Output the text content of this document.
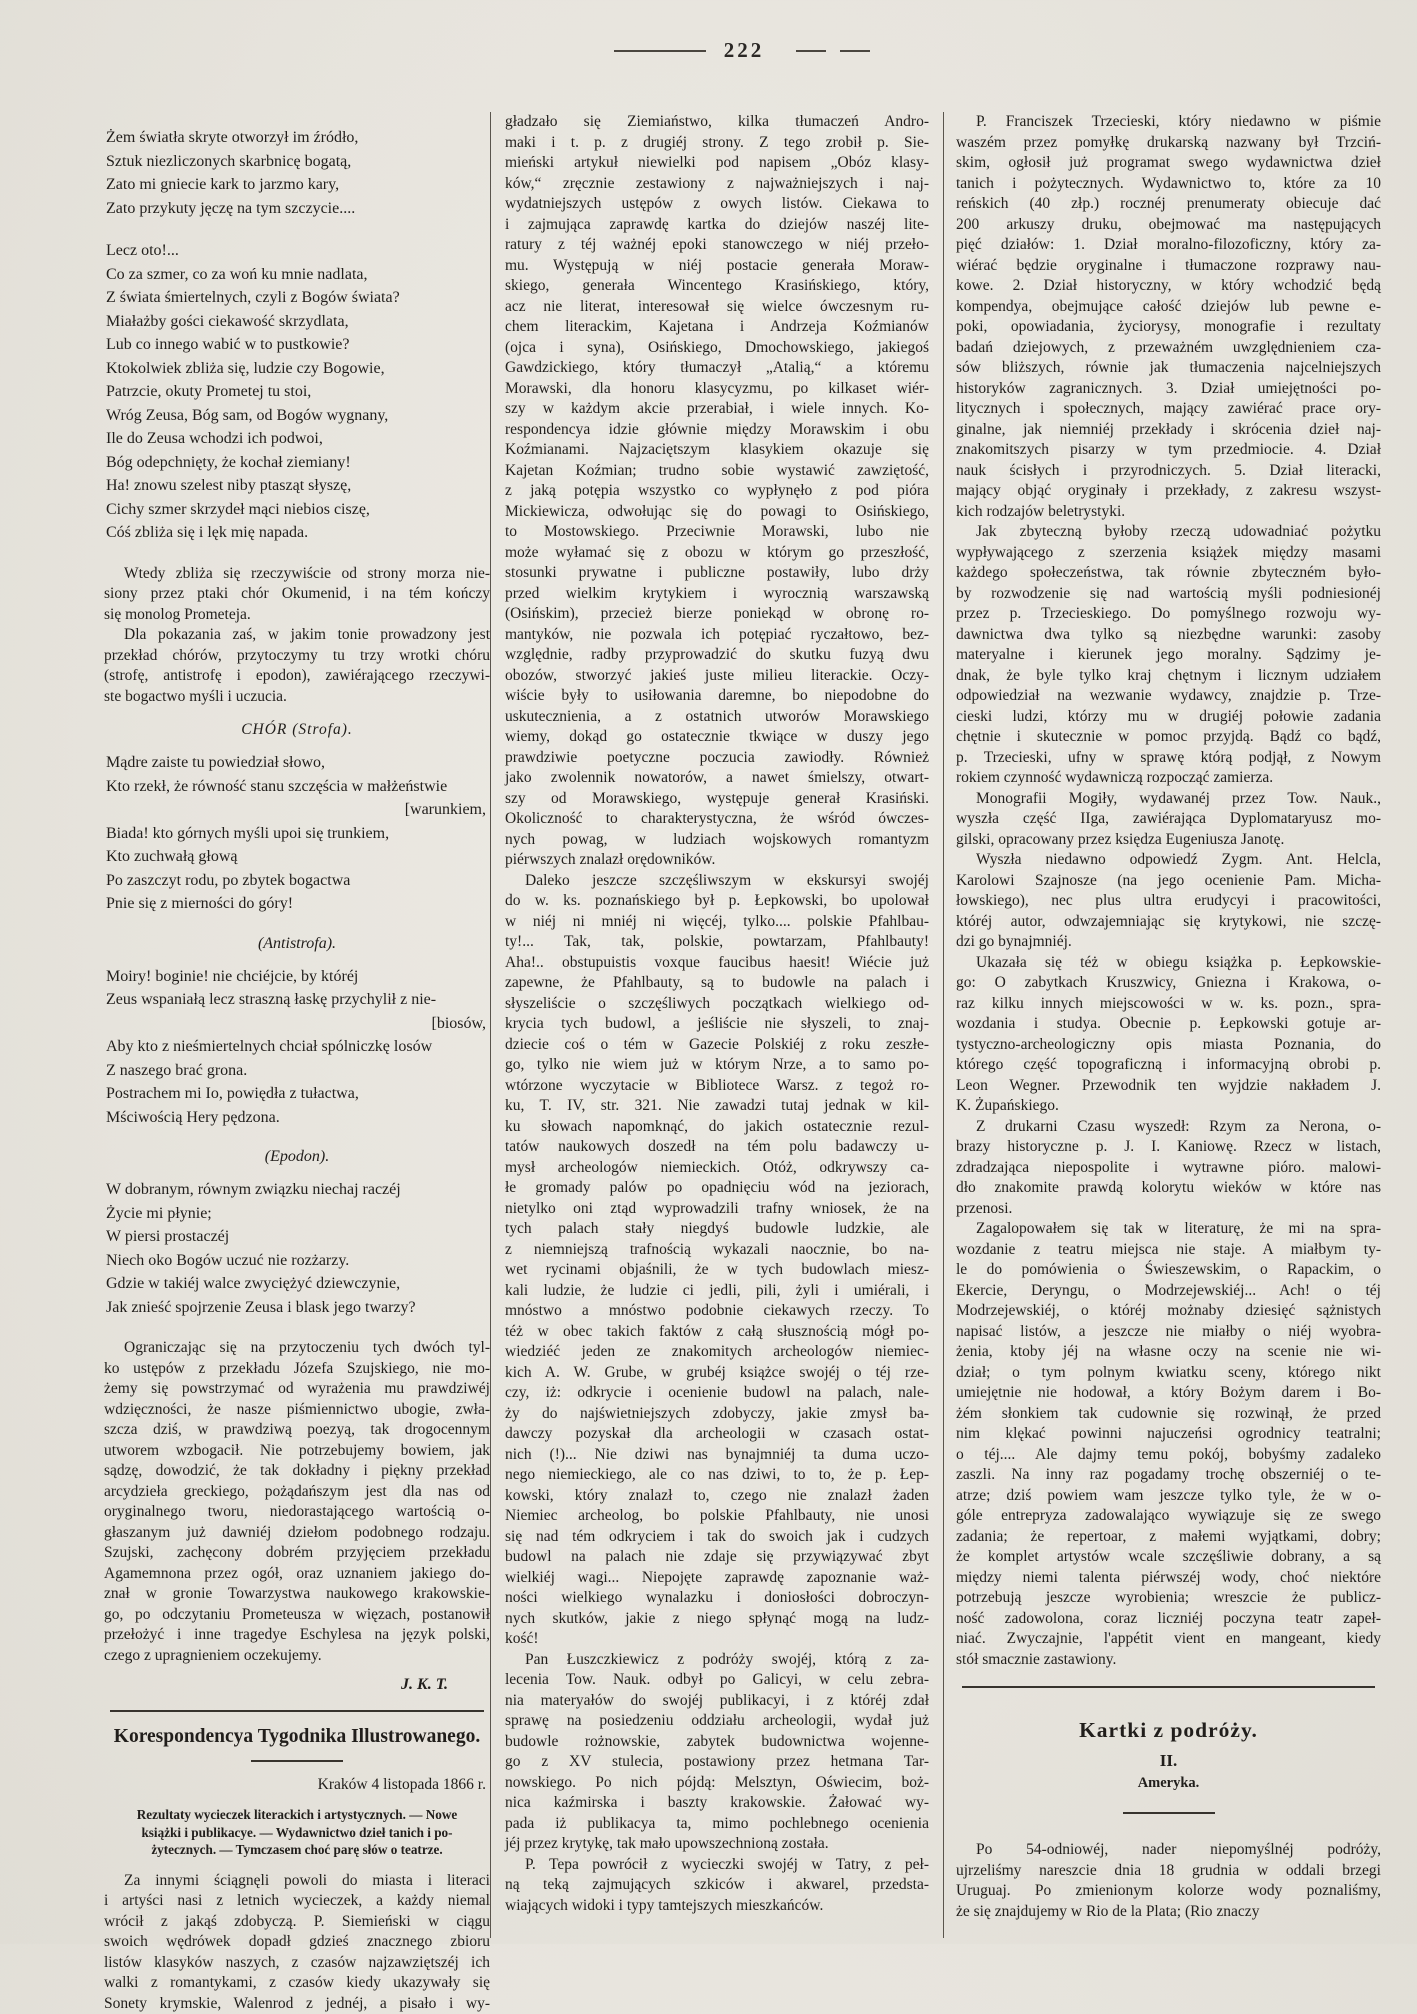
222
Żem światła skryte otworzył im źródło,
Sztuk niezliczonych skarbnicę bogatą,
Zato mi gniecie kark to jarzmo kary,
Zato przykuty jęczę na tym szczycie....
Lecz oto!...
Co za szmer, co za woń ku mnie nadlata,
Z świata śmiertelnych, czyli z Bogów świata?
Miałażby gości ciekawość skrzydlata,
Lub co innego wabić w to pustkowie?
Ktokolwiek zbliża się, ludzie czy Bogowie,
Patrzcie, okuty Prometej tu stoi,
Wróg Zeusa, Bóg sam, od Bogów wygnany,
Ile do Zeusa wchodzi ich podwoi,
Bóg odepchnięty, że kochał ziemiany!
Ha! znowu szelest niby ptasząt słyszę,
Cichy szmer skrzydeł mąci niebios ciszę,
Cóś zbliża się i lęk mię napada.
Wtedy zbliża się rzeczywiście od strony morza nie-
siony przez ptaki chór Okumenid, i na tém kończy
się monolog Prometeja.
Dla pokazania zaś, w jakim tonie prowadzony jest
przekład chórów, przytoczymy tu trzy wrotki chóru
(strofę, antistrofę i epodon), zawiérającego rzeczywi-
ste bogactwo myśli i uczucia.
CHÓR (Strofa).
Mądre zaiste tu powiedział słowo,
Kto rzekł, że równość stanu szczęścia w małżeństwie
[warunkiem,
Biada! kto górnych myśli upoi się trunkiem,
Kto zuchwałą głową
Po zaszczyt rodu, po zbytek bogactwa
Pnie się z mierności do góry!
(Antistrofa).
Moiry! boginie! nie chciéjcie, by któréj
Zeus wspaniałą lecz straszną łaskę przychylił z nie-
[biosów,
Aby kto z nieśmiertelnych chciał spólniczkę losów
Z naszego brać grona.
Postrachem mi Io, powiędła z tułactwa,
Mściwością Hery pędzona.
(Epodon).
W dobranym, równym związku niechaj raczéj
Życie mi płynie;
W piersi prostaczéj
Niech oko Bogów uczuć nie rozżarzy.
Gdzie w takiéj walce zwyciężyć dziewczynie,
Jak znieść spojrzenie Zeusa i blask jego twarzy?
Ograniczając się na przytoczeniu tych dwóch tyl-
ko ustępów z przekładu Józefa Szujskiego, nie mo-
żemy się powstrzymać od wyrażenia mu prawdziwéj
wdzięczności, że nasze piśmiennictwo ubogie, zwła-
szcza dziś, w prawdziwą poezyą, tak drogocennym
utworem wzbogacił. Nie potrzebujemy bowiem, jak
sądzę, dowodzić, że tak dokładny i piękny przekład
arcydzieła greckiego, pożądańszym jest dla nas od
oryginalnego tworu, niedorastającego wartością o-
głaszanym już dawniéj dziełom podobnego rodzaju.
Szujski, zachęcony dobrém przyjęciem przekładu
Agamemnona przez ogół, oraz uznaniem jakiego do-
znał w gronie Towarzystwa naukowego krakowskie-
go, po odczytaniu Prometeusza w więzach, postanowił
przełożyć i inne tragedye Eschylesa na język polski,
czego z upragnieniem oczekujemy.
J. K. T.
Korespondencya Tygodnika Illustrowanego.
Kraków 4 listopada 1866 r.
Rezultaty wycieczek literackich i artystycznych. — Nowe
książki i publikacye. — Wydawnictwo dzieł tanich i po-
żytecznych. — Tymczasem choć parę słów o teatrze.
Za innymi ściągnęli powoli do miasta i literaci
i artyści nasi z letnich wycieczek, a każdy niemal
wrócił z jakąś zdobyczą. P. Siemieński w ciągu
swoich wędrówek dopadł gdzieś znacznego zbioru
listów klasyków naszych, z czasów najzawziętszéj ich
walki z romantykami, z czasów kiedy ukazywały się
Sonety krymskie, Walenrod z jednéj, a pisało i wy-
gładzało się Ziemiaństwo, kilka tłumaczeń Andro-
maki i t. p. z drugiéj strony. Z tego zrobił p. Sie-
mieński artykuł niewielki pod napisem „Obóz klasy-
ków,“ zręcznie zestawiony z najważniejszych i naj-
wydatniejszych ustępów z owych listów. Ciekawa to
i zajmująca zaprawdę kartka do dziejów naszéj lite-
ratury z téj ważnéj epoki stanowczego w niéj przeło-
mu. Występują w niéj postacie generała Moraw-
skiego, generała Wincentego Krasińskiego, który,
acz nie literat, interesował się wielce ówczesnym ru-
chem literackim, Kajetana i Andrzeja Koźmianów
(ojca i syna), Osińskiego, Dmochowskiego, jakiegoś
Gawdzickiego, który tłumaczył „Atalią,“ a któremu
Morawski, dla honoru klasycyzmu, po kilkaset wiér-
szy w każdym akcie przerabiał, i wiele innych. Ko-
respondencya idzie głównie między Morawskim i obu
Koźmianami. Najzaciętszym klasykiem okazuje się
Kajetan Koźmian; trudno sobie wystawić zawziętość,
z jaką potępia wszystko co wypłynęło z pod pióra
Mickiewicza, odwołując się do powagi to Osińskiego,
to Mostowskiego. Przeciwnie Morawski, lubo nie
może wyłamać się z obozu w którym go przeszłość,
stosunki prywatne i publiczne postawiły, lubo drży
przed wielkim krytykiem i wyrocznią warszawską
(Osińskim), przecież bierze poniekąd w obronę ro-
mantyków, nie pozwala ich potępiać ryczałtowo, bez-
względnie, radby przyprowadzić do skutku fuzyą dwu
obozów, stworzyć jakieś juste milieu literackie. Oczy-
wiście były to usiłowania daremne, bo niepodobne do
uskutecznienia, a z ostatnich utworów Morawskiego
wiemy, dokąd go ostatecznie tkwiące w duszy jego
prawdziwie poetyczne poczucia zawiodły. Również
jako zwolennik nowatorów, a nawet śmielszy, otwart-
szy od Morawskiego, występuje generał Krasiński.
Okoliczność to charakterystyczna, że wśród ówczes-
nych powag, w ludziach wojskowych romantyzm
piérwszych znalazł orędowników.
Daleko jeszcze szczęśliwszym w ekskursyi swojéj
do w. ks. poznańskiego był p. Łepkowski, bo upolował
w niéj ni mniéj ni więcéj, tylko.... polskie Pfahlbau-
ty!... Tak, tak, polskie, powtarzam, Pfahlbauty!
Aha!.. obstupuistis voxque faucibus haesit! Wiécie już
zapewne, że Pfahlbauty, są to budowle na palach i
słyszeliście o szczęśliwych początkach wielkiego od-
krycia tych budowl, a jeśliście nie słyszeli, to znaj-
dziecie coś o tém w Gazecie Polskiéj z roku zeszłe-
go, tylko nie wiem już w którym Nrze, a to samo po-
wtórzone wyczytacie w Bibliotece Warsz. z tegoż ro-
ku, T. IV, str. 321. Nie zawadzi tutaj jednak w kil-
ku słowach napomknąć, do jakich ostatecznie rezul-
tatów naukowych doszedł na tém polu badawczy u-
mysł archeologów niemieckich. Otóż, odkrywszy ca-
łe gromady palów po opadnięciu wód na jeziorach,
nietylko oni ztąd wyprowadzili trafny wniosek, że na
tych palach stały niegdyś budowle ludzkie, ale
z niemniejszą trafnością wykazali naocznie, bo na-
wet rycinami objaśnili, że w tych budowlach miesz-
kali ludzie, że ludzie ci jedli, pili, żyli i umiérali, i
mnóstwo a mnóstwo podobnie ciekawych rzeczy. To
téż w obec takich faktów z całą słusznością mógł po-
wiedziéć jeden ze znakomitych archeologów niemiec-
kich A. W. Grube, w grubéj książce swojéj o téj rze-
czy, iż: odkrycie i ocenienie budowl na palach, nale-
ży do najświetniejszych zdobyczy, jakie zmysł ba-
dawczy pozyskał dla archeologii w czasach ostat-
nich (!)... Nie dziwi nas bynajmniéj ta duma uczo-
nego niemieckiego, ale co nas dziwi, to to, że p. Łep-
kowski, który znalazł to, czego nie znalazł żaden
Niemiec archeolog, bo polskie Pfahlbauty, nie unosi
się nad tém odkryciem i tak do swoich jak i cudzych
budowl na palach nie zdaje się przywiązywać zbyt
wielkiéj wagi... Niepojęte zaprawdę zapoznanie waż-
ności wielkiego wynalazku i doniosłości dobroczyn-
nych skutków, jakie z niego spłynąć mogą na ludz-
kość!
Pan Łuszczkiewicz z podróży swojéj, którą z za-
lecenia Tow. Nauk. odbył po Galicyi, w celu zebra-
nia materyałów do swojéj publikacyi, i z któréj zdał
sprawę na posiedzeniu oddziału archeologii, wydał już
budowle rożnowskie, zabytek budownictwa wojenne-
go z XV stulecia, postawiony przez hetmana Tar-
nowskiego. Po nich pójdą: Melsztyn, Oświecim, boż-
nica kaźmirska i baszty krakowskie. Żałować wy-
pada iż publikacya ta, mimo pochlebnego ocenienia
jéj przez krytykę, tak mało upowszechnioną została.
P. Tepa powrócił z wycieczki swojéj w Tatry, z peł-
ną teką zajmujących szkiców i akwarel, przedsta-
wiających widoki i typy tamtejszych mieszkańców.
P. Franciszek Trzecieski, który niedawno w piśmie
waszém przez pomyłkę drukarską nazwany był Trzciń-
skim, ogłosił już programat swego wydawnictwa dzieł
tanich i pożytecznych. Wydawnictwo to, które za 10
reńskich (40 złp.) rocznéj prenumeraty obiecuje dać
200 arkuszy druku, obejmować ma następujących
pięć działów: 1. Dział moralno-filozoficzny, który za-
wiérać będzie oryginalne i tłumaczone rozprawy nau-
kowe. 2. Dział historyczny, w który wchodzić będą
kompendya, obejmujące całość dziejów lub pewne e-
poki, opowiadania, życiorysy, monografie i rezultaty
badań dziejowych, z przeważném uwzględnieniem cza-
sów bliższych, równie jak tłumaczenia najcelniejszych
historyków zagranicznych. 3. Dział umiejętności po-
litycznych i społecznych, mający zawiérać prace ory-
ginalne, jak niemniéj przekłady i skrócenia dzieł naj-
znakomitszych pisarzy w tym przedmiocie. 4. Dział
nauk ścisłych i przyrodniczych. 5. Dział literacki,
mający objąć oryginały i przekłady, z zakresu wszyst-
kich rodzajów beletrystyki.
Jak zbyteczną byłoby rzeczą udowadniać pożytku
wypływającego z szerzenia książek między masami
każdego społeczeństwa, tak równie zbyteczném było-
by rozwodzenie się nad wartością myśli podniesionéj
przez p. Trzecieskiego. Do pomyślnego rozwoju wy-
dawnictwa dwa tylko są niezbędne warunki: zasoby
materyalne i kierunek jego moralny. Sądzimy je-
dnak, że byle tylko kraj chętnym i licznym udziałem
odpowiedział na wezwanie wydawcy, znajdzie p. Trze-
cieski ludzi, którzy mu w drugiéj połowie zadania
chętnie i skutecznie w pomoc przyjdą. Bądź co bądź,
p. Trzecieski, ufny w sprawę którą podjął, z Nowym
rokiem czynność wydawniczą rozpocząć zamierza.
Monografii Mogiły, wydawanéj przez Tow. Nauk.,
wyszła część IIga, zawiérająca Dyplomataryusz mo-
gilski, opracowany przez księdza Eugeniusza Janotę.
Wyszła niedawno odpowiedź Zygm. Ant. Helcla,
Karolowi Szajnosze (na jego ocenienie Pam. Micha-
łowskiego), nec plus ultra erudycyi i pracowitości,
któréj autor, odwzajemniając się krytykowi, nie szczę-
dzi go bynajmniéj.
Ukazała się téż w obiegu książka p. Łepkowskie-
go: O zabytkach Kruszwicy, Gniezna i Krakowa, o-
raz kilku innych miejscowości w w. ks. pozn., spra-
wozdania i studya. Obecnie p. Łepkowski gotuje ar-
tystyczno-archeologiczny opis miasta Poznania, do
którego część topograficzną i informacyjną obrobi p.
Leon Wegner. Przewodnik ten wyjdzie nakładem J.
K. Żupańskiego.
Z drukarni Czasu wyszedł: Rzym za Nerona, o-
brazy historyczne p. J. I. Kaniowę. Rzecz w listach,
zdradzająca niepospolite i wytrawne pióro. malowi-
dło znakomite prawdą kolorytu wieków w które nas
przenosi.
Zagalopowałem się tak w literaturę, że mi na spra-
wozdanie z teatru miejsca nie staje. A miałbym ty-
le do pomówienia o Świeszewskim, o Rapackim, o
Ekercie, Deryngu, o Modrzejewskiéj... Ach! o téj
Modrzejewskiéj, o któréj możnaby dziesięć sążnistych
napisać listów, a jeszcze nie miałby o niéj wyobra-
żenia, ktoby jéj na własne oczy na scenie nie wi-
dział; o tym polnym kwiatku sceny, którego nikt
umiejętnie nie hodował, a który Bożym darem i Bo-
żém słonkiem tak cudownie się rozwinął, że przed
nim klękać powinni najuczeńsi ogrodnicy teatralni;
o téj.... Ale dajmy temu pokój, bobyśmy zadaleko
zaszli. Na inny raz pogadamy trochę obszerniéj o te-
atrze; dziś powiem wam jeszcze tylko tyle, że w o-
góle entrepryza zadowalająco wywiązuje się ze swego
zadania; że repertoar, z małemi wyjątkami, dobry;
że komplet artystów wcale szczęśliwie dobrany, a są
między niemi talenta piérwszéj wody, choć niektóre
potrzebują jeszcze wyrobienia; wreszcie że publicz-
ność zadowolona, coraz liczniéj poczyna teatr zapeł-
niać. Zwyczajnie, l'appétit vient en mangeant, kiedy
stół smacznie zastawiony.
Kartki z podróży.
II.
Ameryka.
Po 54-odniowéj, nader niepomyślnéj podróży,
ujrzeliśmy nareszcie dnia 18 grudnia w oddali brzegi
Uruguaj. Po zmienionym kolorze wody poznaliśmy,
że się znajdujemy w Rio de la Plata; (Rio znaczy
